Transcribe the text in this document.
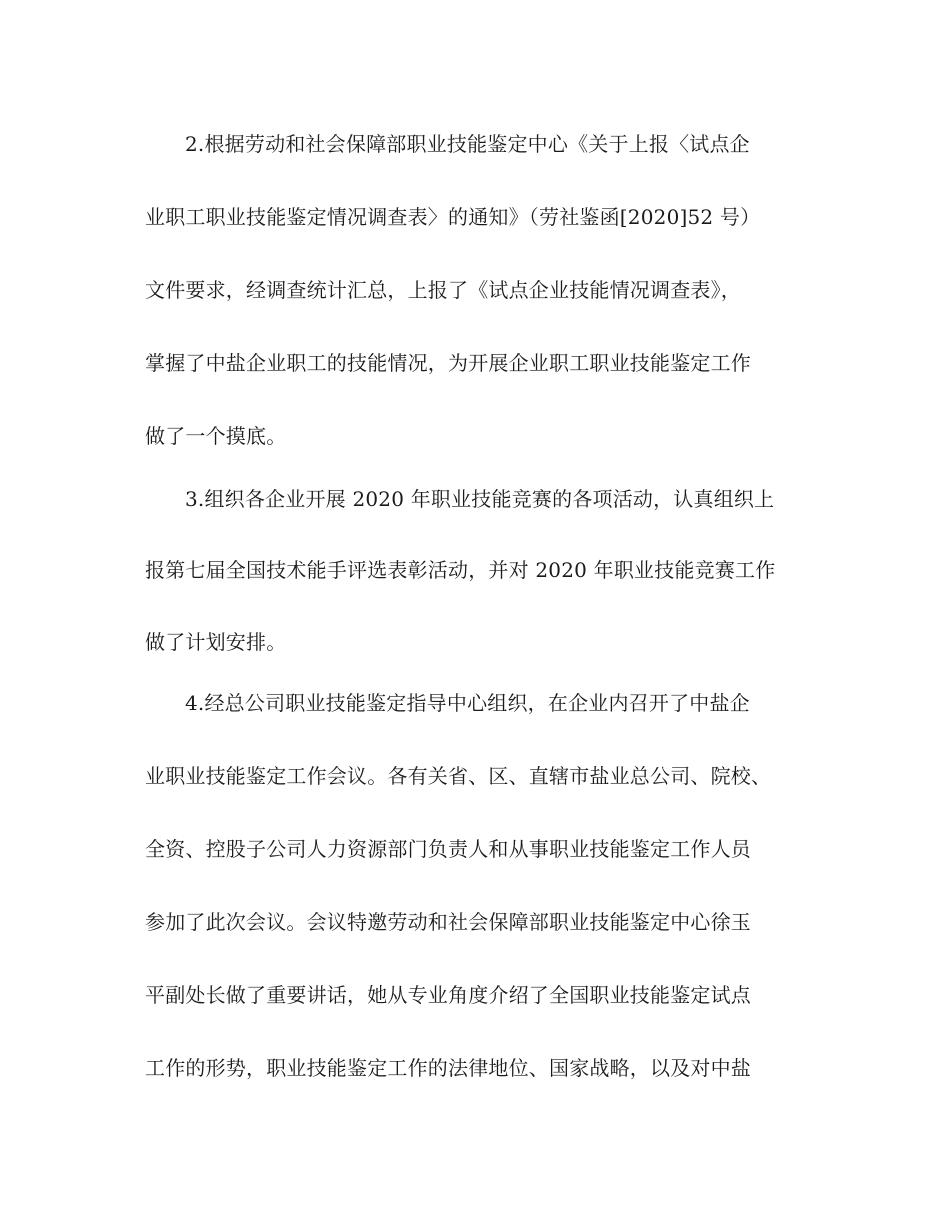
2.根据劳动和社会保障部职业技能鉴定中心《关于上报〈试点企
业职工职业技能鉴定情况调查表〉的通知》（劳社鉴函[2020]52 号）
文件要求，经调查统计汇总，上报了《试点企业技能情况调查表》，
掌握了中盐企业职工的技能情况，为开展企业职工职业技能鉴定工作
做了一个摸底。
3.组织各企业开展 2020 年职业技能竞赛的各项活动，认真组织上
报第七届全国技术能手评选表彰活动，并对 2020 年职业技能竞赛工作
做了计划安排。
4.经总公司职业技能鉴定指导中心组织，在企业内召开了中盐企
业职业技能鉴定工作会议。各有关省、区、直辖市盐业总公司、院校、
全资、控股子公司人力资源部门负责人和从事职业技能鉴定工作人员
参加了此次会议。会议特邀劳动和社会保障部职业技能鉴定中心徐玉
平副处长做了重要讲话，她从专业角度介绍了全国职业技能鉴定试点
工作的形势，职业技能鉴定工作的法律地位、国家战略，以及对中盐
